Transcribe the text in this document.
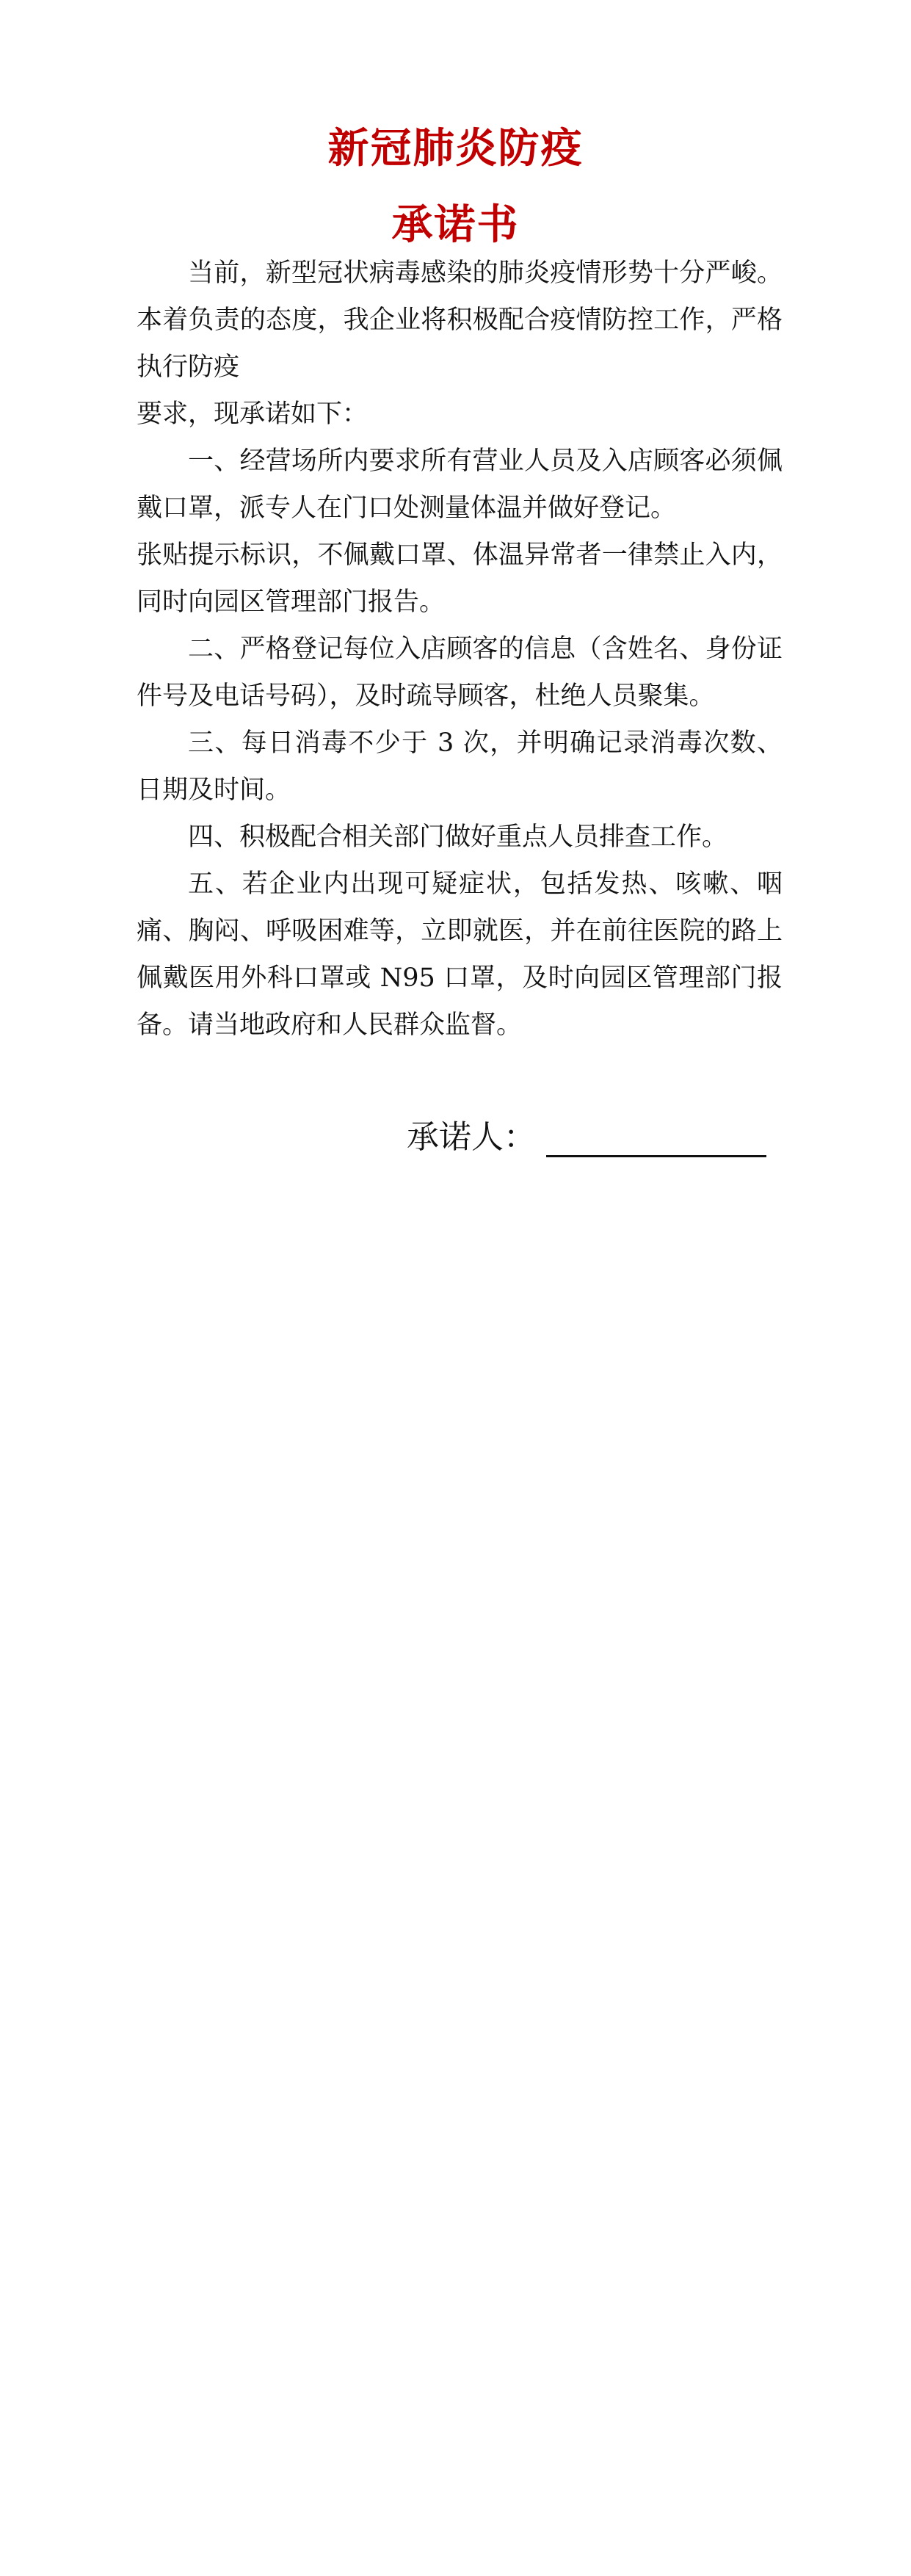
新冠肺炎防疫
承诺书

当前，新型冠状病毒感染的肺炎疫情形势十分严峻。本着负责的态度，我企业将积极配合疫情防控工作，严格执行防疫

要求，现承诺如下：

一、经营场所内要求所有营业人员及入店顾客必须佩戴口罩，派专人在门口处测量体温并做好登记。

张贴提示标识，不佩戴口罩、体温异常者一律禁止入内，同时向园区管理部门报告。

二、严格登记每位入店顾客的信息（含姓名、身份证件号及电话号码），及时疏导顾客，杜绝人员聚集。

三、每日消毒不少于 3 次，并明确记录消毒次数、日期及时间。

四、积极配合相关部门做好重点人员排查工作。

五、若企业内出现可疑症状，包括发热、咳嗽、咽痛、胸闷、呼吸困难等，立即就医，并在前往医院的路上佩戴医用外科口罩或 N95 口罩，及时向园区管理部门报备。请当地政府和人民群众监督。

承诺人：
